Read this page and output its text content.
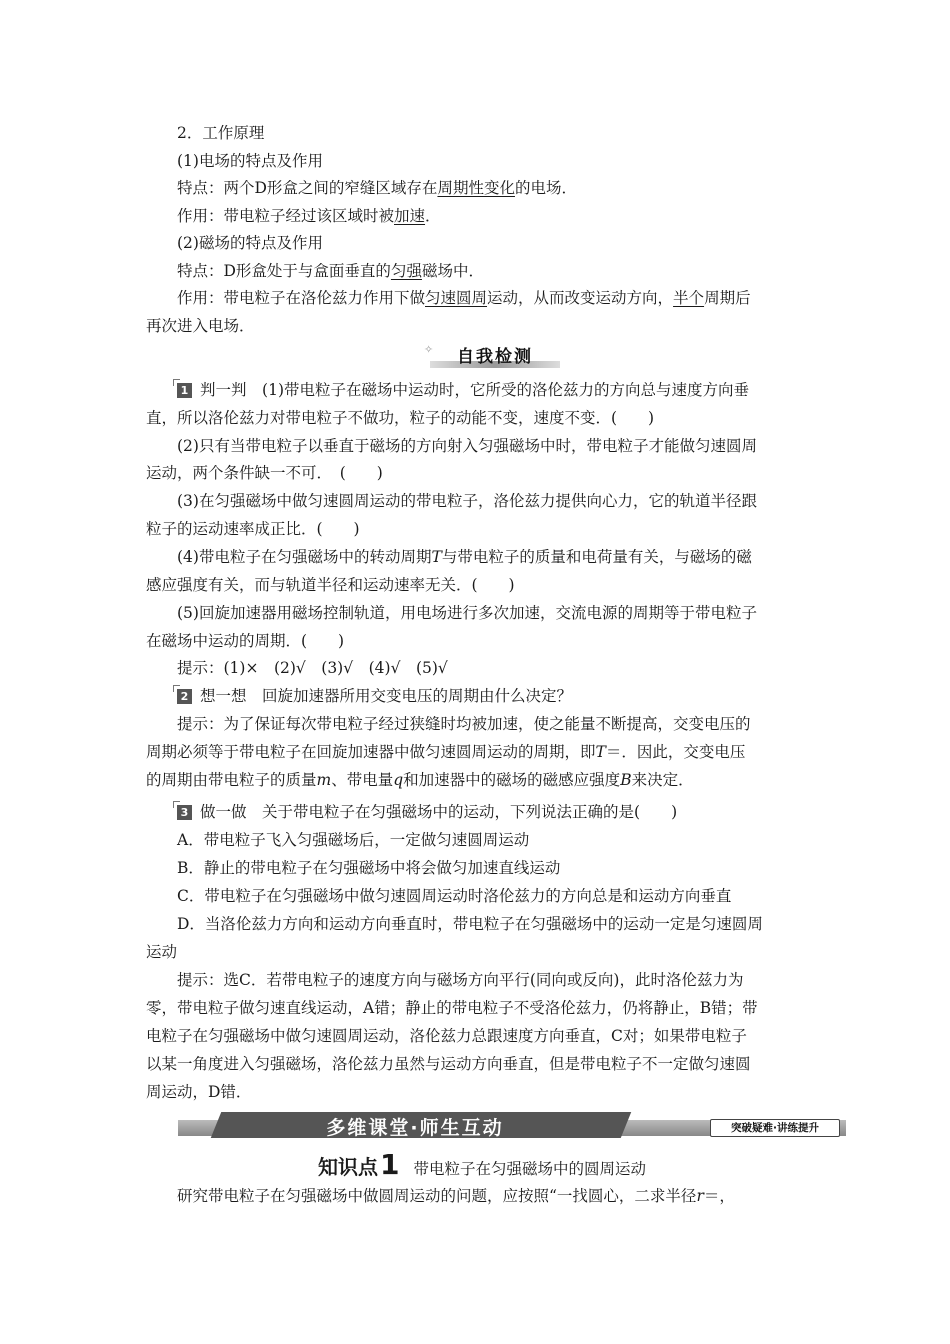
2．工作原理
(1)电场的特点及作用
特点：两个D形盒之间的窄缝区域存在周期性变化的电场．
作用：带电粒子经过该区域时被加速．
(2)磁场的特点及作用
特点：D形盒处于与盒面垂直的匀强磁场中．
作用：带电粒子在洛伦兹力作用下做匀速圆周运动，从而改变运动方向，半个周期后
再次进入电场．
✧	自我检测
1 判一判　 (1)带电粒子在磁场中运动时，它所受的洛伦兹力的方向总与速度方向垂
直，所以洛伦兹力对带电粒子不做功，粒子的动能不变，速度不变．(　　)
(2)只有当带电粒子以垂直于磁场的方向射入匀强磁场中时，带电粒子才能做匀速圆周
运动，两个条件缺一不可．　(　　)
(3)在匀强磁场中做匀速圆周运动的带电粒子，洛伦兹力提供向心力，它的轨道半径跟
粒子的运动速率成正比．(　　)
(4)带电粒子在匀强磁场中的转动周期T与带电粒子的质量和电荷量有关，与磁场的磁
感应强度有关，而与轨道半径和运动速率无关．(　　)
(5)回旋加速器用磁场控制轨道，用电场进行多次加速，交流电源的周期等于带电粒子
在磁场中运动的周期．(　　)
提示：(1)×　(2)√　(3)√　(4)√　(5)√
2 想一想　 回旋加速器所用交变电压的周期由什么决定？
提示：为了保证每次带电粒子经过狭缝时均被加速，使之能量不断提高，交变电压的
周期必须等于带电粒子在回旋加速器中做匀速圆周运动的周期，即T＝．因此，交变电压
的周期由带电粒子的质量m、带电量q和加速器中的磁场的磁感应强度B来决定．
3 做一做　 关于带电粒子在匀强磁场中的运动，下列说法正确的是(　　)
A．带电粒子飞入匀强磁场后，一定做匀速圆周运动
B．静止的带电粒子在匀强磁场中将会做匀加速直线运动
C．带电粒子在匀强磁场中做匀速圆周运动时洛伦兹力的方向总是和运动方向垂直
D．当洛伦兹力方向和运动方向垂直时，带电粒子在匀强磁场中的运动一定是匀速圆周
运动
提示：选C．若带电粒子的速度方向与磁场方向平行(同向或反向)，此时洛伦兹力为
零，带电粒子做匀速直线运动，A错；静止的带电粒子不受洛伦兹力，仍将静止，B错；带
电粒子在匀强磁场中做匀速圆周运动，洛伦兹力总跟速度方向垂直，C对；如果带电粒子
以某一角度进入匀强磁场，洛伦兹力虽然与运动方向垂直，但是带电粒子不一定做匀速圆
周运动，D错．
多维课堂·师生互动	突破疑难·讲练提升
知识点1 带电粒子在匀强磁场中的圆周运动
研究带电粒子在匀强磁场中做圆周运动的问题，应按照“一找圆心，二求半径r＝，
